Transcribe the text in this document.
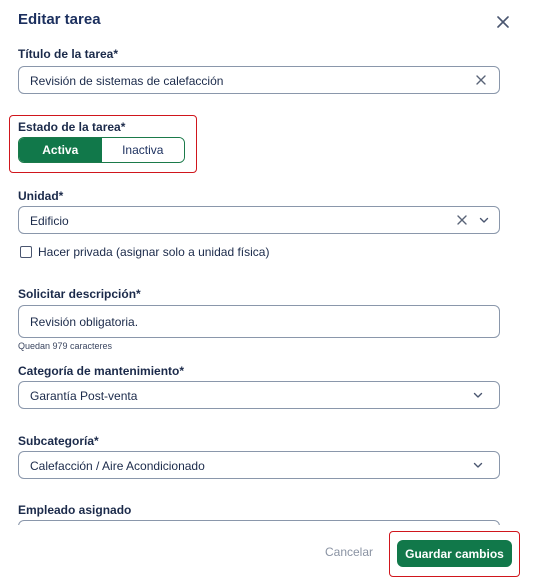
Editar tarea
Título de la tarea*
Revisión de sistemas de calefacción
Estado de la tarea*
Activa	Inactiva
Unidad*
Edificio
Hacer privada (asignar solo a unidad física)
Solicitar descripción*
Revisión obligatoria.
Quedan 979 caracteres
Categoría de mantenimiento*
Garantía Post-venta
Subcategoría*
Calefacción / Aire Acondicionado
Empleado asignado
Cancelar	Guardar cambios
